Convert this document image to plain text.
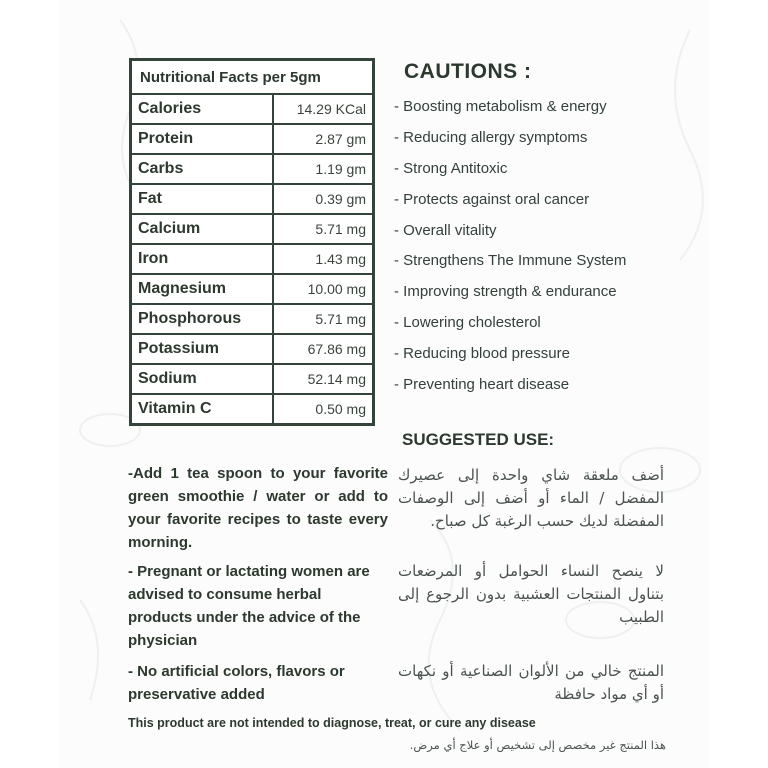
Nutritional Facts per 5gm	
Calories	14.29 KCal
Protein	2.87 gm
Carbs	1.19 gm
Fat	0.39 gm
Calcium	5.71 mg
Iron	1.43 mg
Magnesium	10.00 mg
Phosphorous	5.71 mg
Potassium	67.86 mg
Sodium	52.14 mg
Vitamin C	0.50 mg
CAUTIONS :
- Boosting metabolism & energy
- Reducing allergy symptoms
- Strong Antitoxic
- Protects against oral cancer
- Overall vitality
- Strengthens The Immune System
- Improving strength & endurance
- Lowering cholesterol
- Reducing blood pressure
- Preventing heart disease
SUGGESTED USE:
-Add 1 tea spoon to your favorite green smoothie / water or add to your favorite recipes to taste every morning.
أضف ملعقة شاي واحدة إلى عصيرك المفضل / الماء أو أضف إلى الوصفات المفضلة لديك حسب الرغبة كل صباح.
- Pregnant or lactating women are advised to consume herbal products under the advice of the physician
لا ينصح النساء الحوامل أو المرضعات بتناول المنتجات العشبية بدون الرجوع إلى الطبيب
- No artificial colors, flavors or preservative added
المنتج خالي من الألوان الصناعية أو نكهات أو أي مواد حافظة
This product are not intended to diagnose, treat, or cure any disease
هذا المنتج غير مخصص إلى تشخيص أو علاج أي مرض.
